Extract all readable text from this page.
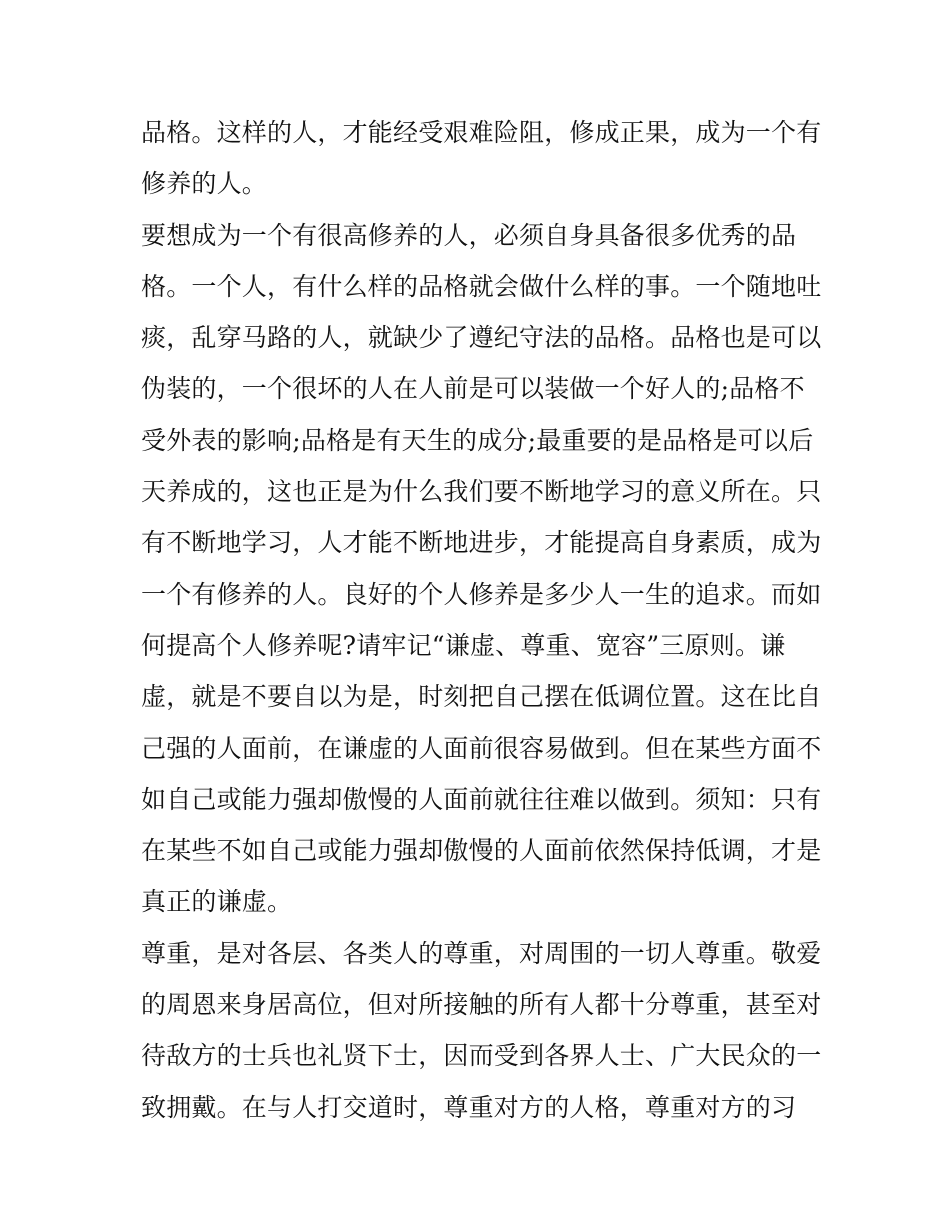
品格。这样的人，才能经受艰难险阻，修成正果，成为一个有
修养的人。
要想成为一个有很高修养的人，必须自身具备很多优秀的品
格。一个人，有什么样的品格就会做什么样的事。一个随地吐
痰，乱穿马路的人，就缺少了遵纪守法的品格。品格也是可以
伪装的，一个很坏的人在人前是可以装做一个好人的;品格不
受外表的影响;品格是有天生的成分;最重要的是品格是可以后
天养成的，这也正是为什么我们要不断地学习的意义所在。只
有不断地学习，人才能不断地进步，才能提高自身素质，成为
一个有修养的人。良好的个人修养是多少人一生的追求。而如
何提高个人修养呢?请牢记“谦虚、尊重、宽容”三原则。谦
虚，就是不要自以为是，时刻把自己摆在低调位置。这在比自
己强的人面前，在谦虚的人面前很容易做到。但在某些方面不
如自己或能力强却傲慢的人面前就往往难以做到。须知：只有
在某些不如自己或能力强却傲慢的人面前依然保持低调，才是
真正的谦虚。
尊重，是对各层、各类人的尊重，对周围的一切人尊重。敬爱
的周恩来身居高位，但对所接触的所有人都十分尊重，甚至对
待敌方的士兵也礼贤下士，因而受到各界人士、广大民众的一
致拥戴。在与人打交道时，尊重对方的人格，尊重对方的习
